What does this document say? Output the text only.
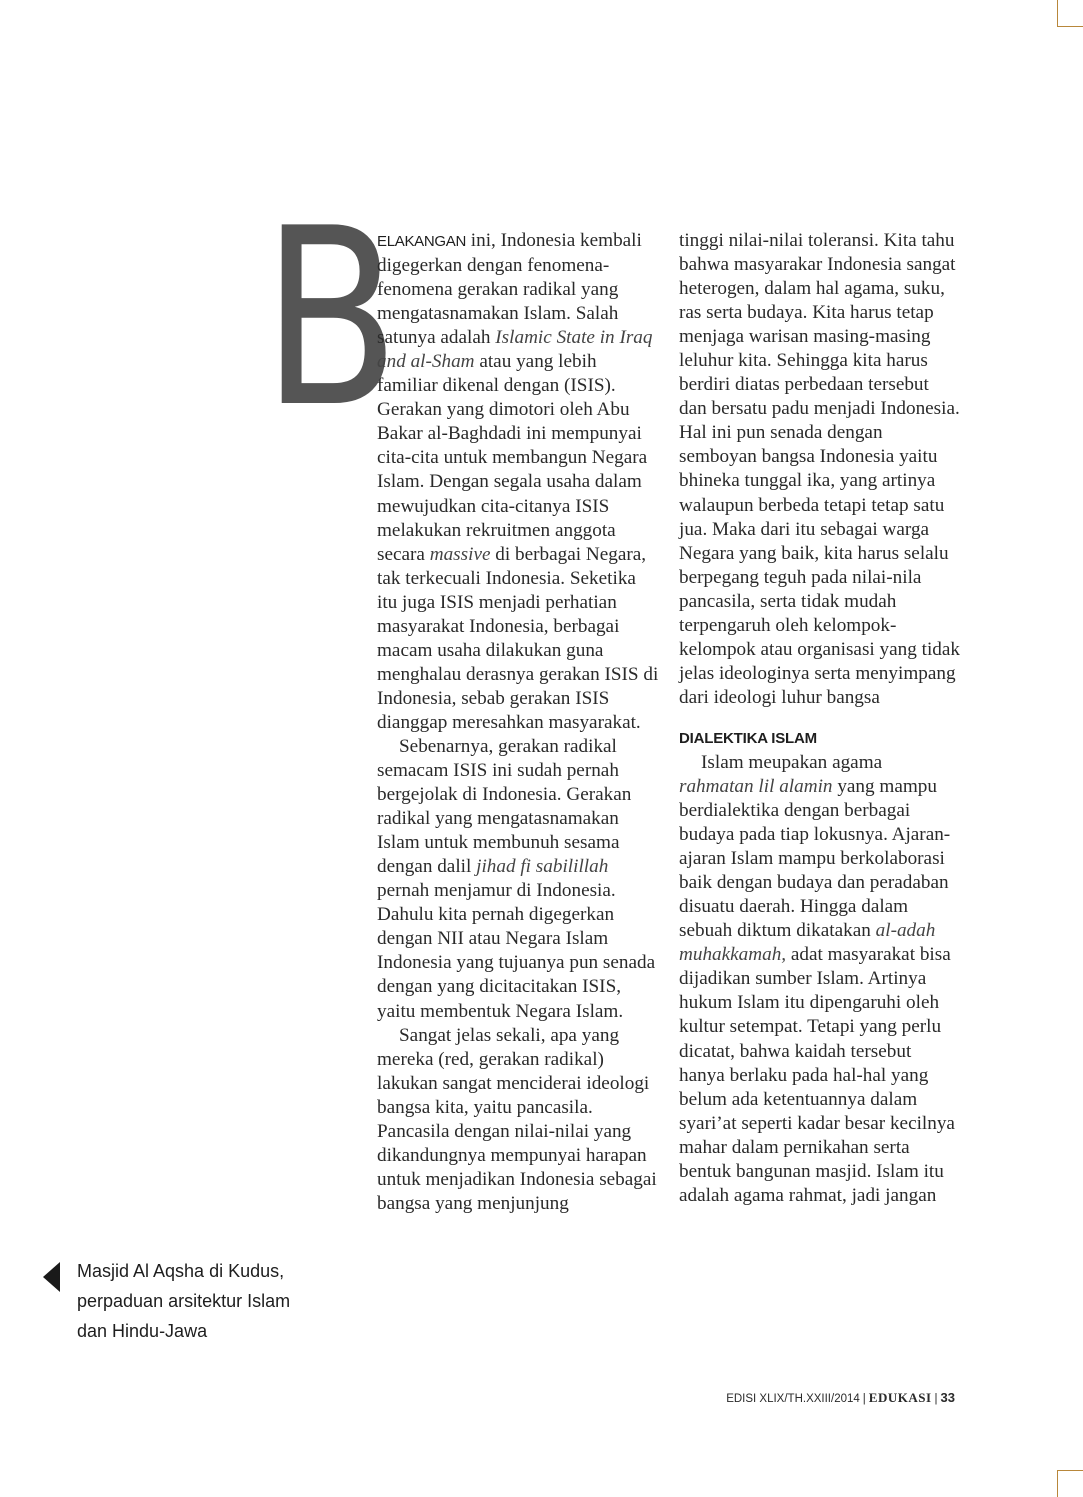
B

ELAKANGAN ini, Indonesia kembali digegerkan dengan fenomena-fenomena gerakan radikal yang mengatasnamakan Islam. Salah satunya adalah Islamic State in Iraq and al-Sham atau yang lebih familiar dikenal dengan (ISIS). Gerakan yang dimotori oleh Abu Bakar al-Baghdadi ini mempunyai cita-cita untuk membangun Negara Islam. Dengan segala usaha dalam mewujudkan cita-citanya ISIS melakukan rekruitmen anggota secara massive di berbagai Negara, tak terkecuali Indonesia. Seketika itu juga ISIS menjadi perhatian masyarakat Indonesia, berbagai macam usaha dilakukan guna menghalau derasnya gerakan ISIS di Indonesia, sebab gerakan ISIS dianggap meresahkan masyarakat.

Sebenarnya, gerakan radikal semacam ISIS ini sudah pernah bergejolak di Indonesia. Gerakan radikal yang mengatasnamakan Islam untuk membunuh sesama dengan dalil jihad fi sabilillah pernah menjamur di Indonesia. Dahulu kita pernah digegerkan dengan NII atau Negara Islam Indonesia yang tujuanya pun senada dengan yang dicitacitakan ISIS, yaitu membentuk Negara Islam.

Sangat jelas sekali, apa yang mereka (red, gerakan radikal) lakukan sangat menciderai ideologi bangsa kita, yaitu pancasila. Pancasila dengan nilai-nilai yang dikandungnya mempunyai harapan untuk menjadikan Indonesia sebagai bangsa yang menjunjung

tinggi nilai-nilai toleransi. Kita tahu bahwa masyarakar Indonesia sangat heterogen, dalam hal agama, suku, ras serta budaya. Kita harus tetap menjaga warisan masing-masing leluhur kita. Sehingga kita harus berdiri diatas perbedaan tersebut dan bersatu padu menjadi Indonesia. Hal ini pun senada dengan semboyan bangsa Indonesia yaitu bhineka tunggal ika, yang artinya walaupun berbeda tetapi tetap satu jua. Maka dari itu sebagai warga Negara yang baik, kita harus selalu berpegang teguh pada nilai-nila pancasila, serta tidak mudah terpengaruh oleh kelompok-kelompok atau organisasi yang tidak jelas ideologinya serta menyimpang dari ideologi luhur bangsa

DIALEKTIKA ISLAM

Islam meupakan agama rahmatan lil alamin yang mampu berdialektika dengan berbagai budaya pada tiap lokusnya. Ajaran-ajaran Islam mampu berkolaborasi baik dengan budaya dan peradaban disuatu daerah. Hingga dalam sebuah diktum dikatakan al-adah muhakkamah, adat masyarakat bisa dijadikan sumber Islam. Artinya hukum Islam itu dipengaruhi oleh kultur setempat. Tetapi yang perlu dicatat, bahwa kaidah tersebut hanya berlaku pada hal-hal yang belum ada ketentuannya dalam syari’at seperti kadar besar kecilnya mahar dalam pernikahan serta bentuk bangunan masjid. Islam itu adalah agama rahmat, jadi jangan

Masjid Al Aqsha di Kudus,
perpaduan arsitektur Islam
dan Hindu-Jawa
EDISI XLIX/TH.XXIII/2014 | EDUKASI | 33
